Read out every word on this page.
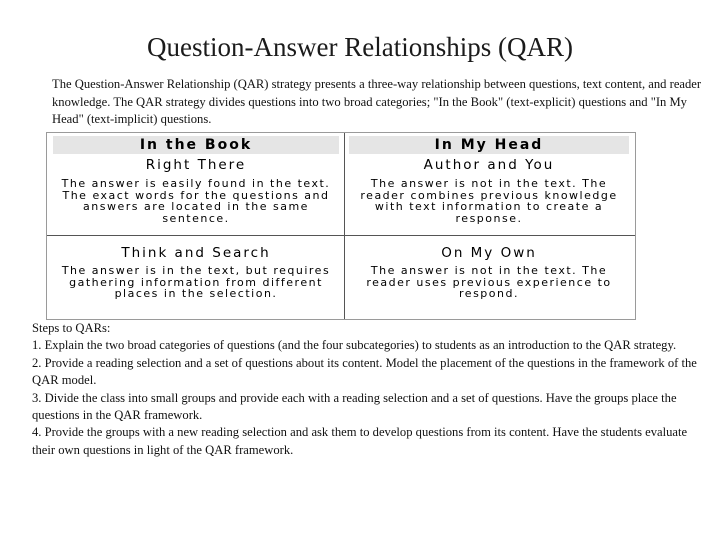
Question-Answer Relationships (QAR)
The Question-Answer Relationship (QAR) strategy presents a three-way relationship between questions, text content, and reader knowledge. The QAR strategy divides questions into two broad categories; "In the Book" (text-explicit) questions and "In My Head" (text-implicit) questions.
In the Book	In My Head
Right There
The answer is easily found in the text. The exact words for the questions and answers are located in the same sentence.
Author and You
The answer is not in the text. The reader combines previous knowledge with text information to create a response.
Think and Search
The answer is in the text, but requires gathering information from different places in the selection.
On My Own
The answer is not in the text. The reader uses previous experience to respond.
Steps to QARs:
1. Explain the two broad categories of questions (and the four subcategories) to students as an introduction to the QAR strategy.
2. Provide a reading selection and a set of questions about its content. Model the placement of the questions in the framework of the QAR model.
3. Divide the class into small groups and provide each with a reading selection and a set of questions. Have the groups place the questions in the QAR framework.
4. Provide the groups with a new reading selection and ask them to develop questions from its content. Have the students evaluate their own questions in light of the QAR framework.
